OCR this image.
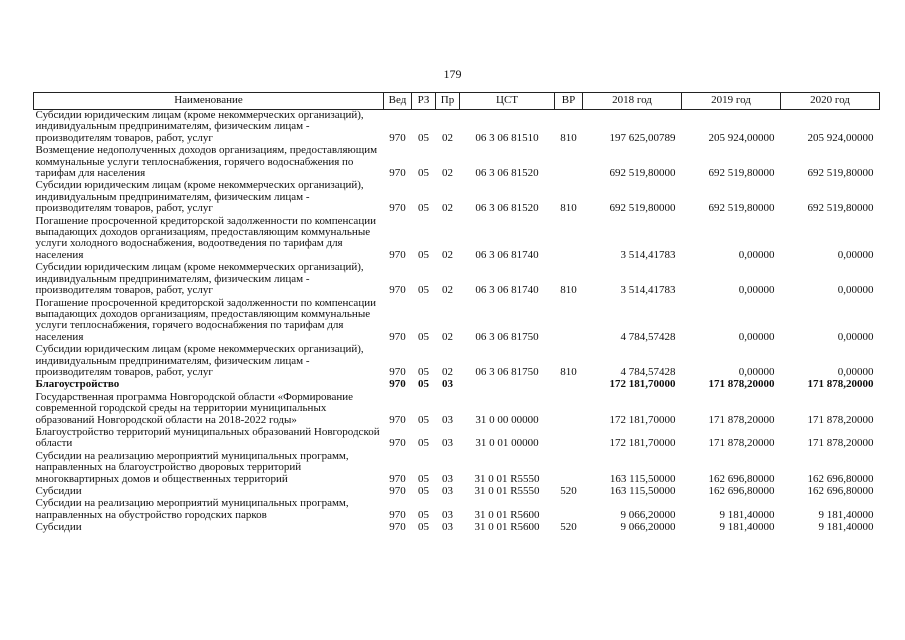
179
Наименование	Вед	РЗ	Пр	ЦСТ	ВР	2018 год	2019 год	2020 год
Субсидии юридическим лицам (кроме некоммерческих организаций), индивидуальным предпринимателям, физическим лицам - производителям товаров, работ, услуг	970	05	02	06 3 06 81510	810	197 625,00789	205 924,00000	205 924,00000
Возмещение недополученных доходов организациям, предоставляющим коммунальные услуги теплоснабжения, горячего водоснабжения по тарифам для населения	970	05	02	06 3 06 81520		692 519,80000	692 519,80000	692 519,80000
Субсидии юридическим лицам (кроме некоммерческих организаций), индивидуальным предпринимателям, физическим лицам - производителям товаров, работ, услуг	970	05	02	06 3 06 81520	810	692 519,80000	692 519,80000	692 519,80000
Погашение просроченной кредиторской задолженности по компенсации выпадающих доходов организациям, предоставляющим коммунальные услуги холодного водоснабжения, водоотведения по тарифам для населения	970	05	02	06 3 06 81740		3 514,41783	0,00000	0,00000
Субсидии юридическим лицам (кроме некоммерческих организаций), индивидуальным предпринимателям, физическим лицам - производителям товаров, работ, услуг	970	05	02	06 3 06 81740	810	3 514,41783	0,00000	0,00000
Погашение просроченной кредиторской задолженности по компенсации выпадающих доходов организациям, предоставляющим коммунальные услуги теплоснабжения, горячего водоснабжения по тарифам для населения	970	05	02	06 3 06 81750		4 784,57428	0,00000	0,00000
Субсидии юридическим лицам (кроме некоммерческих организаций), индивидуальным предпринимателям, физическим лицам - производителям товаров, работ, услуг	970	05	02	06 3 06 81750	810	4 784,57428	0,00000	0,00000
Благоустройство	970	05	03			172 181,70000	171 878,20000	171 878,20000
Государственная программа Новгородской области «Формирование современной городской среды на территории муниципальных образований Новгородской области на 2018-2022 годы»	970	05	03	31 0 00 00000		172 181,70000	171 878,20000	171 878,20000
Благоустройство территорий муниципальных образований Новгородской области	970	05	03	31 0 01 00000		172 181,70000	171 878,20000	171 878,20000
Субсидии на реализацию мероприятий муниципальных программ, направленных на благоустройство дворовых территорий многоквартирных домов и общественных территорий	970	05	03	31 0 01 R5550		163 115,50000	162 696,80000	162 696,80000
Субсидии	970	05	03	31 0 01 R5550	520	163 115,50000	162 696,80000	162 696,80000
Субсидии на реализацию мероприятий муниципальных программ, направленных на обустройство городских парков	970	05	03	31 0 01 R5600		9 066,20000	9 181,40000	9 181,40000
Субсидии	970	05	03	31 0 01 R5600	520	9 066,20000	9 181,40000	9 181,40000
